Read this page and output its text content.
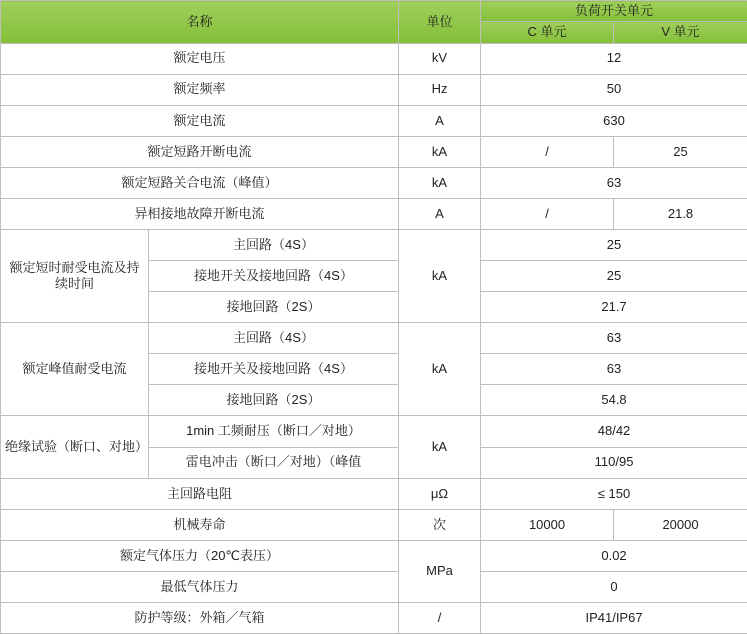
名称		单位	负荷开关单元	
			C 单元	V 单元
额定电压		kV	12	
额定频率		Hz	50	
额定电流		A	630	
额定短路开断电流		kA	/	25
额定短路关合电流（峰值）		kA	63	
异相接地故障开断电流		A	/	21.8
额定短时耐受电流及持续时间	主回路（4S）	kA	25	
	接地开关及接地回路（4S）		25	
	接地回路（2S）		21.7	
额定峰值耐受电流	主回路（4S）	kA	63	
	接地开关及接地回路（4S）		63	
	接地回路（2S）		54.8	
绝缘试验（断口、对地）	1min 工频耐压（断口／对地）	kA	48/42	
	雷电冲击（断口／对地）（峰值		110/95	
主回路电阻		μΩ	≤ 150	
机械寿命		次	10000	20000
额定气体压力（20℃表压）		MPa	0.02	
最低气体压力			0	
防护等级：外箱／气箱		/	IP41/IP67	
